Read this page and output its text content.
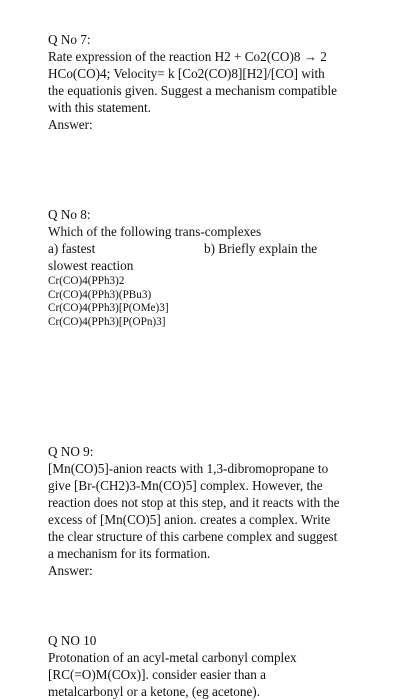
Q No 7:
Rate expression of the reaction H2 + Co2(CO)8 → 2
HCo(CO)4; Velocity= k [Co2(CO)8][H2]/[CO] with
the equationis given. Suggest a mechanism compatible
with this statement.
Answer:
Q No 8:
Which of the following trans-complexes
a) fastest	b) Briefly explain the
slowest reaction
Cr(CO)4(PPh3)2
Cr(CO)4(PPh3)(PBu3)
Cr(CO)4(PPh3)[P(OMe)3]
Cr(CO)4(PPh3)[P(OPn)3]
Q NO 9:
[Mn(CO)5]-anion reacts with 1,3-dibromopropane to
give [Br-(CH2)3-Mn(CO)5] complex. However, the
reaction does not stop at this step, and it reacts with the
excess of [Mn(CO)5] anion. creates a complex. Write
the clear structure of this carbene complex and suggest
a mechanism for its formation.
Answer:
Q NO 10
Protonation of an acyl-metal carbonyl complex
[RC(=O)M(COx)]. consider easier than a
metalcarbonyl or a ketone, (eg acetone).
